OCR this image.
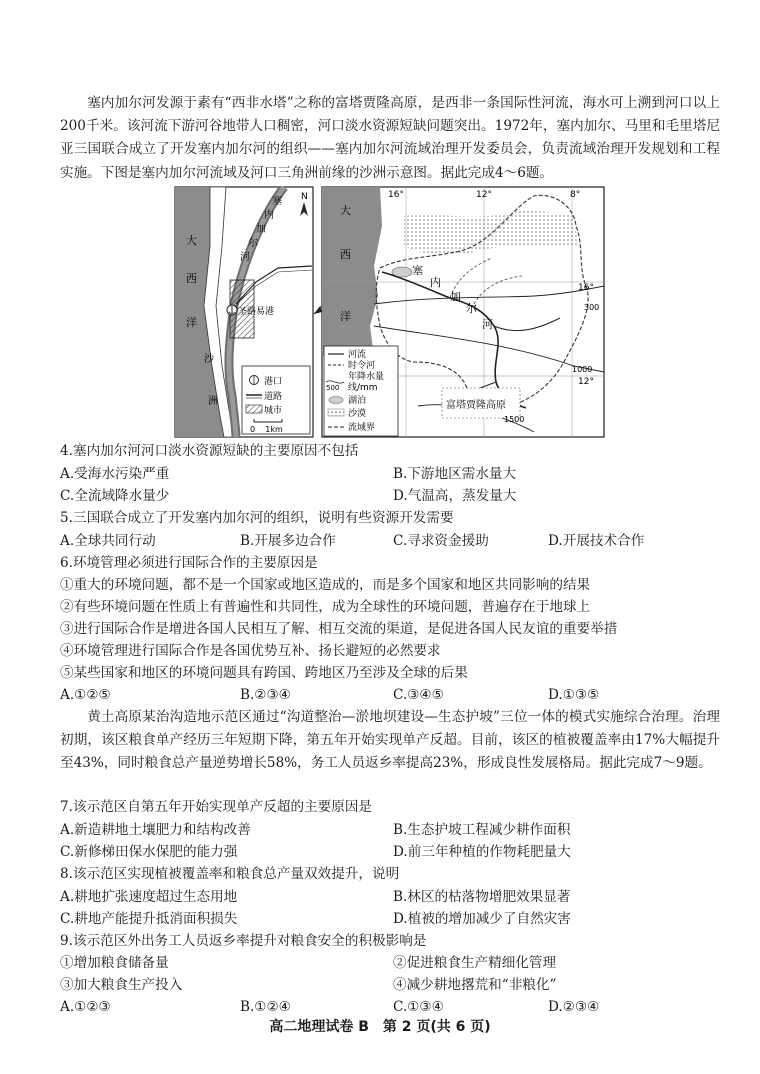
塞内加尔河发源于素有“西非水塔”之称的富塔贾隆高原，是西非一条国际性河流，海水可上溯到河口以上200千米。该河流下游河谷地带人口稠密，河口淡水资源短缺问题突出。1972年，塞内加尔、马里和毛里塔尼亚三国联合成立了开发塞内加尔河的组织——塞内加尔河流域治理开发委员会，负责流域治理开发规划和工程实施。下图是塞内加尔河流域及河口三角洲前缘的沙洲示意图。据此完成4～6题。

N
大
西
洋
塞
内
加
尔
河
圣路易港
沙
洲
港口
道路
城市
0    1km
大
西
洋
16°	12°	8°
16°
12°
300
1000
1500
塞
内
加
尔
河
富塔贾隆高原
河流
时令河
500
年降水量
线/mm
湖泊
沙漠
流域界

4.塞内加尔河河口淡水资源短缺的主要原因不包括

A.受海水污染严重	B.下游地区需水量大
C.全流域降水量少	D.气温高，蒸发量大

5.三国联合成立了开发塞内加尔河的组织，说明有些资源开发需要

A.全球共同行动	B.开展多边合作	C.寻求资金援助	D.开展技术合作

6.环境管理必须进行国际合作的主要原因是

①重大的环境问题，都不是一个国家或地区造成的，而是多个国家和地区共同影响的结果

②有些环境问题在性质上有普遍性和共同性，成为全球性的环境问题，普遍存在于地球上

③进行国际合作是增进各国人民相互了解、相互交流的渠道，是促进各国人民友谊的重要举措

④环境管理进行国际合作是各国优势互补、扬长避短的必然要求

⑤某些国家和地区的环境问题具有跨国、跨地区乃至涉及全球的后果

A.①②⑤	B.②③④	C.③④⑤	D.①③⑤

黄土高原某治沟造地示范区通过“沟道整治—淤地坝建设—生态护坡”三位一体的模式实施综合治理。治理初期，该区粮食单产经历三年短期下降，第五年开始实现单产反超。目前，该区的植被覆盖率由17%大幅提升至43%，同时粮食总产量逆势增长58%，务工人员返乡率提高23%，形成良性发展格局。据此完成7～9题。

7.该示范区自第五年开始实现单产反超的主要原因是

A.新造耕地土壤肥力和结构改善	B.生态护坡工程减少耕作面积
C.新修梯田保水保肥的能力强	D.前三年种植的作物耗肥量大

8.该示范区实现植被覆盖率和粮食总产量双效提升，说明

A.耕地扩张速度超过生态用地	B.林区的枯落物增肥效果显著
C.耕地产能提升抵消面积损失	D.植被的增加减少了自然灾害

9.该示范区外出务工人员返乡率提升对粮食安全的积极影响是

①增加粮食储备量	②促进粮食生产精细化管理
③加大粮食生产投入	④减少耕地撂荒和“非粮化”
A.①②③	B.①②④	C.①③④	D.②③④
高二地理试卷 B　第 2 页(共 6 页)
